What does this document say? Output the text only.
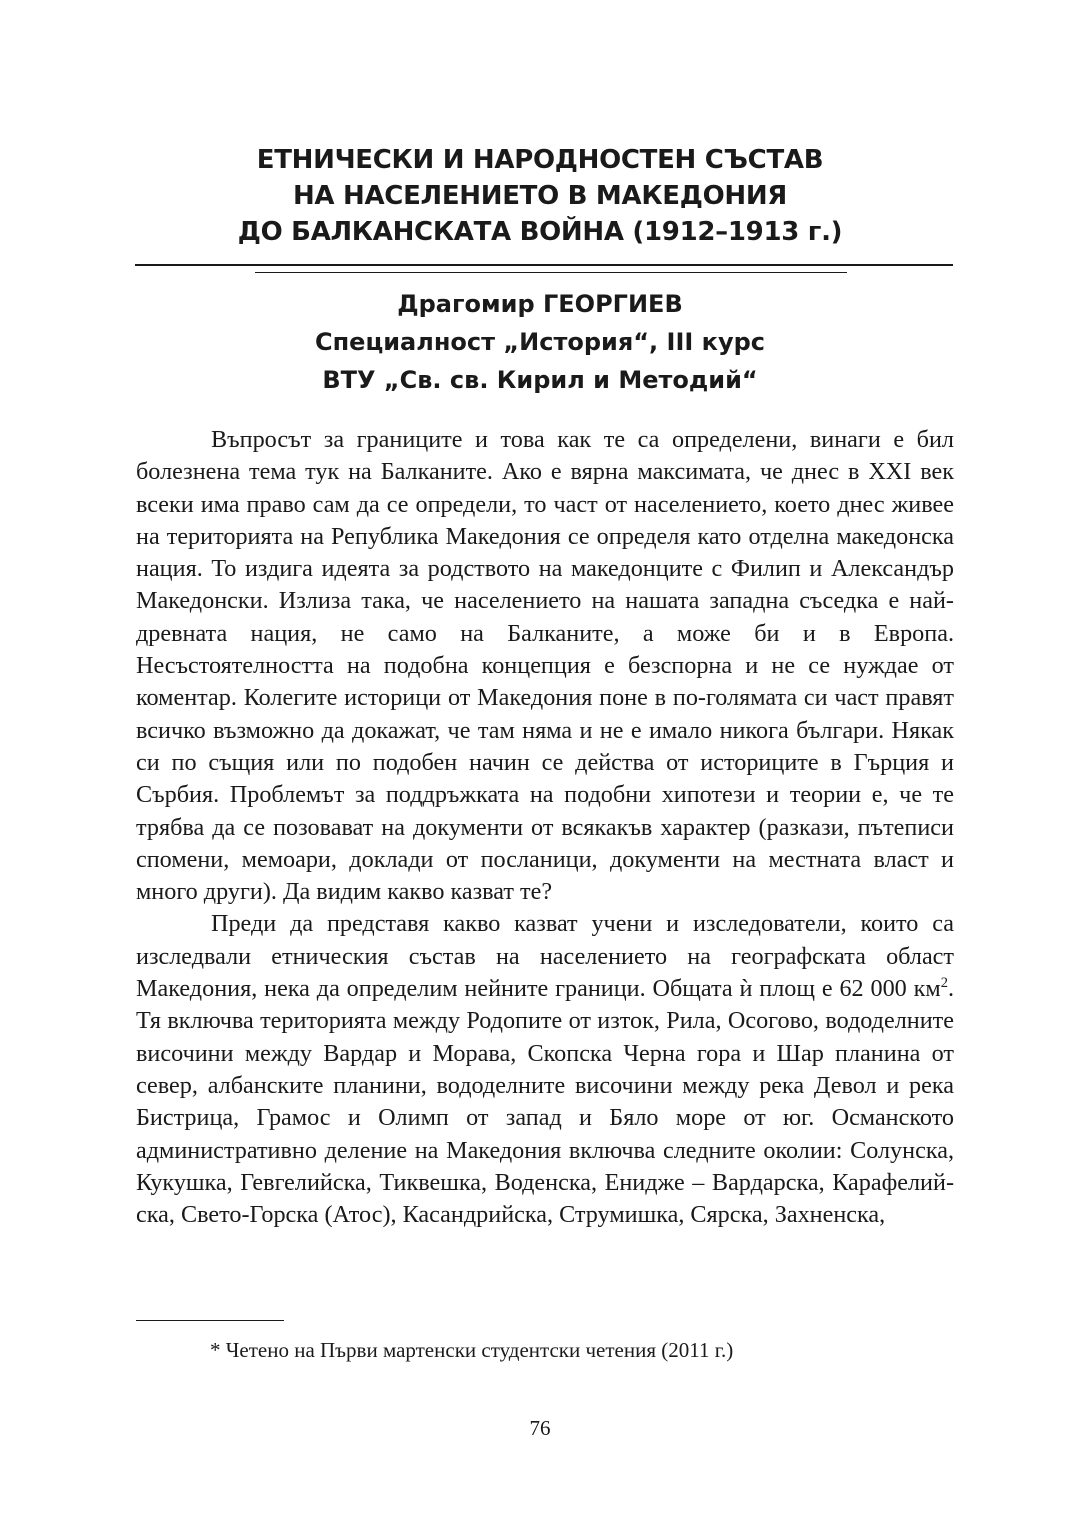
ЕТНИЧЕСКИ И НАРОДНОСТЕН СЪСТАВ
НА НАСЕЛЕНИЕТО В МАКЕДОНИЯ
ДО БАЛКАНСКАТА ВОЙНА (1912–1913 г.)
Драгомир ГЕОРГИЕВ
Специалност „История“, III курс
ВТУ „Св. св. Кирил и Методий“

Въпросът за границите и това как те са определени, винаги е бил болезнена тема тук на Балканите. Ако е вярна максимата, че днес в XXI век всеки има право сам да се определи, то част от населението, което днес живее на територията на Република Македония се определя като отделна македонска нация. То издига идеята за родството на македонците с Филип и Александър Македонски. Излиза така, че населението на нашата западна съседка е най-древната нация, не само на Балканите, а може би и в Европа. Несъстоятелността на подобна концепция е безспорна и не се нуждае от коментар. Колегите историци от Македония поне в по-голямата си част правят всичко възможно да докажат, че там няма и не е имало никога българи. Някак си по същия или по подобен начин се действа от историците в Гърция и Сърбия. Проблемът за поддръжката на подобни хипотези и теории е, че те трябва да се позовават на документи от всякакъв характер (разкази, пътеписи спомени, мемоари, доклади от посланици, документи на местната власт и много други). Да видим какво казват те?

Преди да представя какво казват учени и изследователи, които са изследвали етническия състав на населението на географската област Македония, нека да определим нейните граници. Общата ѝ площ е 62 000 $км^2$. Тя включва територията между Родопите от изток, Рила, Осогово, вододелните височини между Вардар и Морава, Скопска Черна гора и Шар планина от север, албанските планини, вододелните височини между река Девол и река Бистрица, Грамос и Олимп от запад и Бяло море от юг. Османското административно деление на Македония включва следните околии: Солунска, Кукушка, Гевгелийска, Тиквешка, Воденска, Енидже – Вардарска, Карафелийска, Свето-Горска (Атос), Касандрийска, Струмишка, Сярска, Захненска,

* Четено на Първи мартенски студентски четения (2011 г.)
76
